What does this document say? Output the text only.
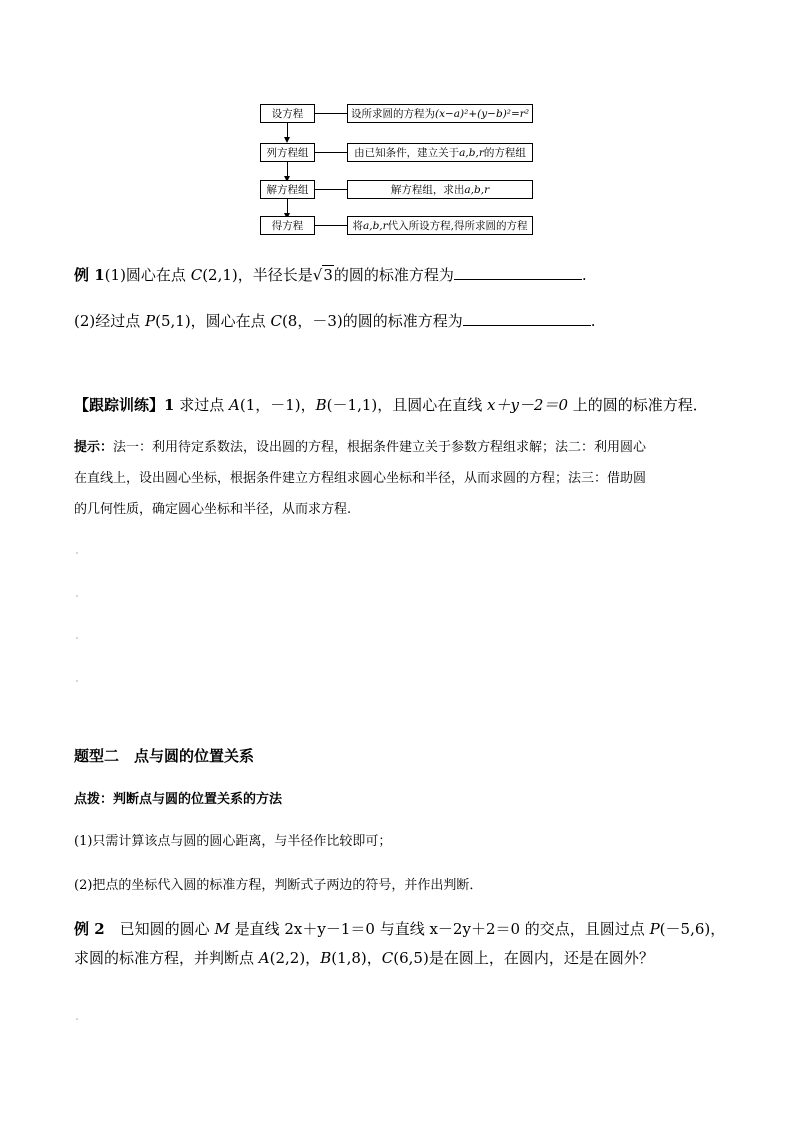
设方程	设所求圆的方程为(x−a)²+(y−b)²=r²
列方程组	由已知条件，建立关于a,b,r的方程组
解方程组	解方程组，求出a,b,r
得方程	将a,b,r代入所设方程,得所求圆的方程
例 1(1)圆心在点 C(2,1)，半径长是√3的圆的标准方程为	.
(2)经过点 P(5,1)，圆心在点 C(8，－3)的圆的标准方程为	.
【跟踪训练】1 求过点 A(1，－1)，B(－1,1)，且圆心在直线 x＋y－2＝0 上的圆的标准方程．
提示：法一：利用待定系数法，设出圆的方程，根据条件建立关于参数方程组求解；法二：利用圆心
在直线上，设出圆心坐标，根据条件建立方程组求圆心坐标和半径，从而求圆的方程；法三：借助圆
的几何性质，确定圆心坐标和半径，从而求方程.
题型二　点与圆的位置关系
点拨：判断点与圆的位置关系的方法
(1)只需计算该点与圆的圆心距离，与半径作比较即可；
(2)把点的坐标代入圆的标准方程，判断式子两边的符号，并作出判断．
例 2　已知圆的圆心 M 是直线 2x＋y－1＝0 与直线 x－2y＋2＝0 的交点，且圆过点 P(－5,6)，
求圆的标准方程，并判断点 A(2,2)，B(1,8)，C(6,5)是在圆上，在圆内，还是在圆外？
